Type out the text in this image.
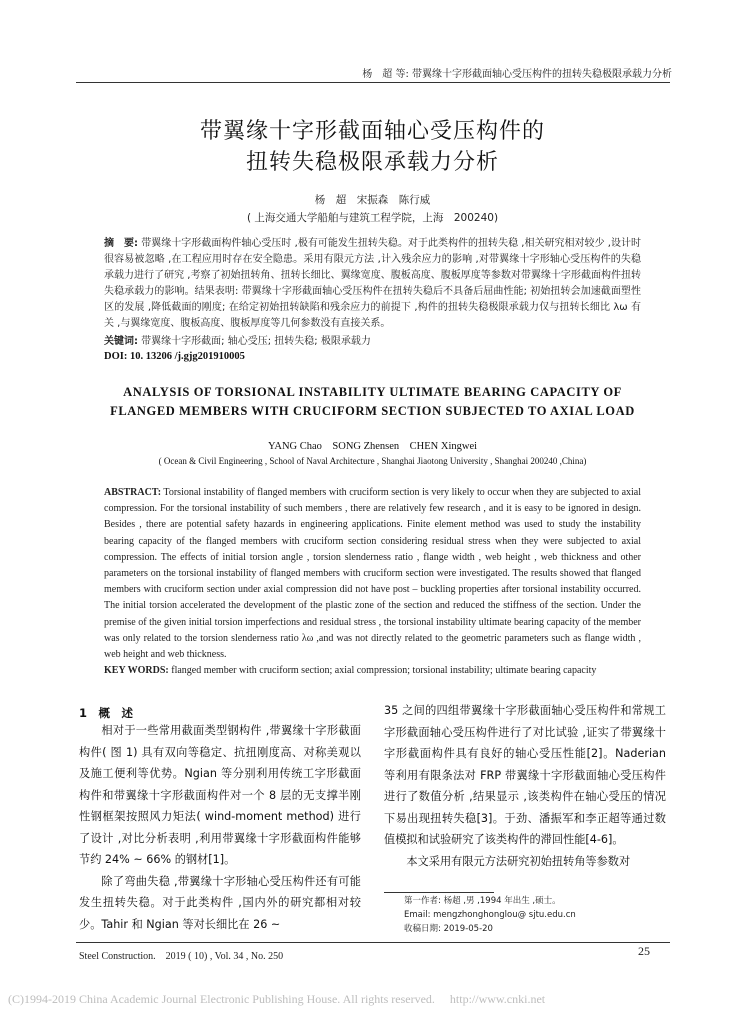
杨　超 等: 带翼缘十字形截面轴心受压构件的扭转失稳极限承载力分析
带翼缘十字形截面轴心受压构件的
扭转失稳极限承载力分析
杨　超　宋振森　陈行威
( 上海交通大学船舶与建筑工程学院，上海　200240)
摘　要: 带翼缘十字形截面构件轴心受压时 ,极有可能发生扭转失稳。对于此类构件的扭转失稳 ,相关研究相对较少 ,设计时很容易被忽略 ,在工程应用时存在安全隐患。采用有限元方法 ,计入残余应力的影响 ,对带翼缘十字形轴心受压构件的失稳承载力进行了研究 ,考察了初始扭转角、扭转长细比、翼缘宽度、腹板高度、腹板厚度等参数对带翼缘十字形截面构件扭转失稳承载力的影响。结果表明: 带翼缘十字形截面轴心受压构件在扭转失稳后不具备后屈曲性能; 初始扭转会加速截面塑性区的发展 ,降低截面的刚度; 在给定初始扭转缺陷和残余应力的前提下 ,构件的扭转失稳极限承载力仅与扭转长细比 λω 有关 ,与翼缘宽度、腹板高度、腹板厚度等几何参数没有直接关系。
关键词: 带翼缘十字形截面; 轴心受压; 扭转失稳; 极限承载力
DOI: 10. 13206 /j.gjg201910005
ANALYSIS OF TORSIONAL INSTABILITY ULTIMATE BEARING CAPACITY OF
FLANGED MEMBERS WITH CRUCIFORM SECTION SUBJECTED TO AXIAL LOAD
YANG Chao　SONG Zhensen　CHEN Xingwei
( Ocean & Civil Engineering , School of Naval Architecture , Shanghai Jiaotong University , Shanghai 200240 ,China)
ABSTRACT: Torsional instability of flanged members with cruciform section is very likely to occur when they are subjected to axial compression. For the torsional instability of such members , there are relatively few research , and it is easy to be ignored in design. Besides , there are potential safety hazards in engineering applications. Finite element method was used to study the instability bearing capacity of the flanged members with cruciform section considering residual stress when they were subjected to axial compression. The effects of initial torsion angle , torsion slenderness ratio , flange width , web height , web thickness and other parameters on the torsional instability of flanged members with cruciform section were investigated. The results showed that flanged members with cruciform section under axial compression did not have post – buckling properties after torsional instability occurred. The initial torsion accelerated the development of the plastic zone of the section and reduced the stiffness of the section. Under the premise of the given initial torsion imperfections and residual stress , the torsional instability ultimate bearing capacity of the member was only related to the torsion slenderness ratio λω ,and was not directly related to the geometric parameters such as flange width , web height and web thickness.
KEY WORDS: flanged member with cruciform section; axial compression; torsional instability; ultimate bearing capacity
1　概　述

相对于一些常用截面类型钢构件 ,带翼缘十字形截面构件( 图 1) 具有双向等稳定、抗扭刚度高、对称美观以及施工便利等优势。Ngian 等分别利用传统工字形截面构件和带翼缘十字形截面构件对一个 8 层的无支撑半刚性钢框架按照风力矩法( wind-moment method) 进行了设计 ,对比分析表明 ,利用带翼缘十字形截面构件能够节约 24% ~ 66% 的钢材[1]。

除了弯曲失稳 ,带翼缘十字形轴心受压构件还有可能发生扭转失稳。对于此类构件 ,国内外的研究都相对较少。Tahir 和 Ngian 等对长细比在 26 ~

35 之间的四组带翼缘十字形截面轴心受压构件和常规工字形截面轴心受压构件进行了对比试验 ,证实了带翼缘十字形截面构件具有良好的轴心受压性能[2]。Naderian 等利用有限条法对 FRP 带翼缘十字形截面轴心受压构件进行了数值分析 ,结果显示 ,该类构件在轴心受压的情况下易出现扭转失稳[3]。于劲、潘振军和李正超等通过数值模拟和试验研究了该类构件的滞回性能[4-6]。

本文采用有限元方法研究初始扭转角等参数对

第一作者: 杨超 ,男 ,1994 年出生 ,硕士。
Email: mengzhonghonglou@ sjtu.edu.cn
收稿日期: 2019-05-20
Steel Construction.　2019 ( 10) , Vol. 34 , No. 250	25
(C)1994-2019 China Academic Journal Electronic Publishing House. All rights reserved.　 http://www.cnki.net
